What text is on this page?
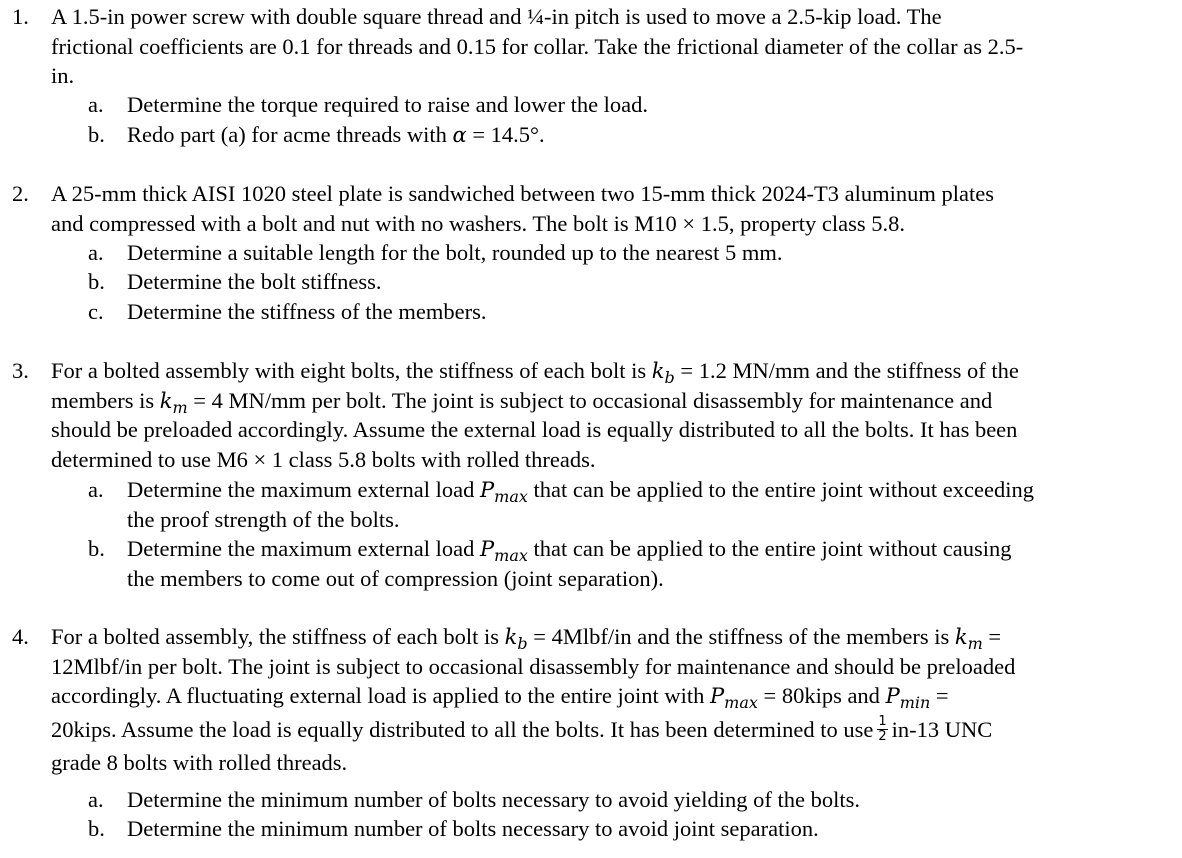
1. A 1.5-in power screw with double square thread and ¼-in pitch is used to move a 2.5-kip load. The
frictional coefficients are 0.1 for threads and 0.15 for collar. Take the frictional diameter of the collar as 2.5-
in.
a. Determine the torque required to raise and lower the load.
b. Redo part (a) for acme threads with α = 14.5°.
2. A 25-mm thick AISI 1020 steel plate is sandwiched between two 15-mm thick 2024-T3 aluminum plates
and compressed with a bolt and nut with no washers. The bolt is M10 × 1.5, property class 5.8.
a. Determine a suitable length for the bolt, rounded up to the nearest 5 mm.
b. Determine the bolt stiffness.
c. Determine the stiffness of the members.
3. For a bolted assembly with eight bolts, the stiffness of each bolt is $k_b = 1.2$ MN/mm and the stiffness of the
members is $k_m = 4$ MN/mm per bolt. The joint is subject to occasional disassembly for maintenance and
should be preloaded accordingly. Assume the external load is equally distributed to all the bolts. It has been
determined to use M6 × 1 class 5.8 bolts with rolled threads.
a. Determine the maximum external load $P_{max}$ that can be applied to the entire joint without exceeding
the proof strength of the bolts.
b. Determine the maximum external load $P_{max}$ that can be applied to the entire joint without causing
the members to come out of compression (joint separation).
4. For a bolted assembly, the stiffness of each bolt is $k_b$ = 4Mlbf/in and the stiffness of the members is $k_m$ =
12Mlbf/in per bolt. The joint is subject to occasional disassembly for maintenance and should be preloaded
accordingly. A fluctuating external load is applied to the entire joint with $P_{max}$ = 80kips and $P_{min}$ =
20kips. Assume the load is equally distributed to all the bolts. It has been determined to use $\frac{1}{2} in-13$ UNC
grade 8 bolts with rolled threads.
a. Determine the minimum number of bolts necessary to avoid yielding of the bolts.
b. Determine the minimum number of bolts necessary to avoid joint separation.
